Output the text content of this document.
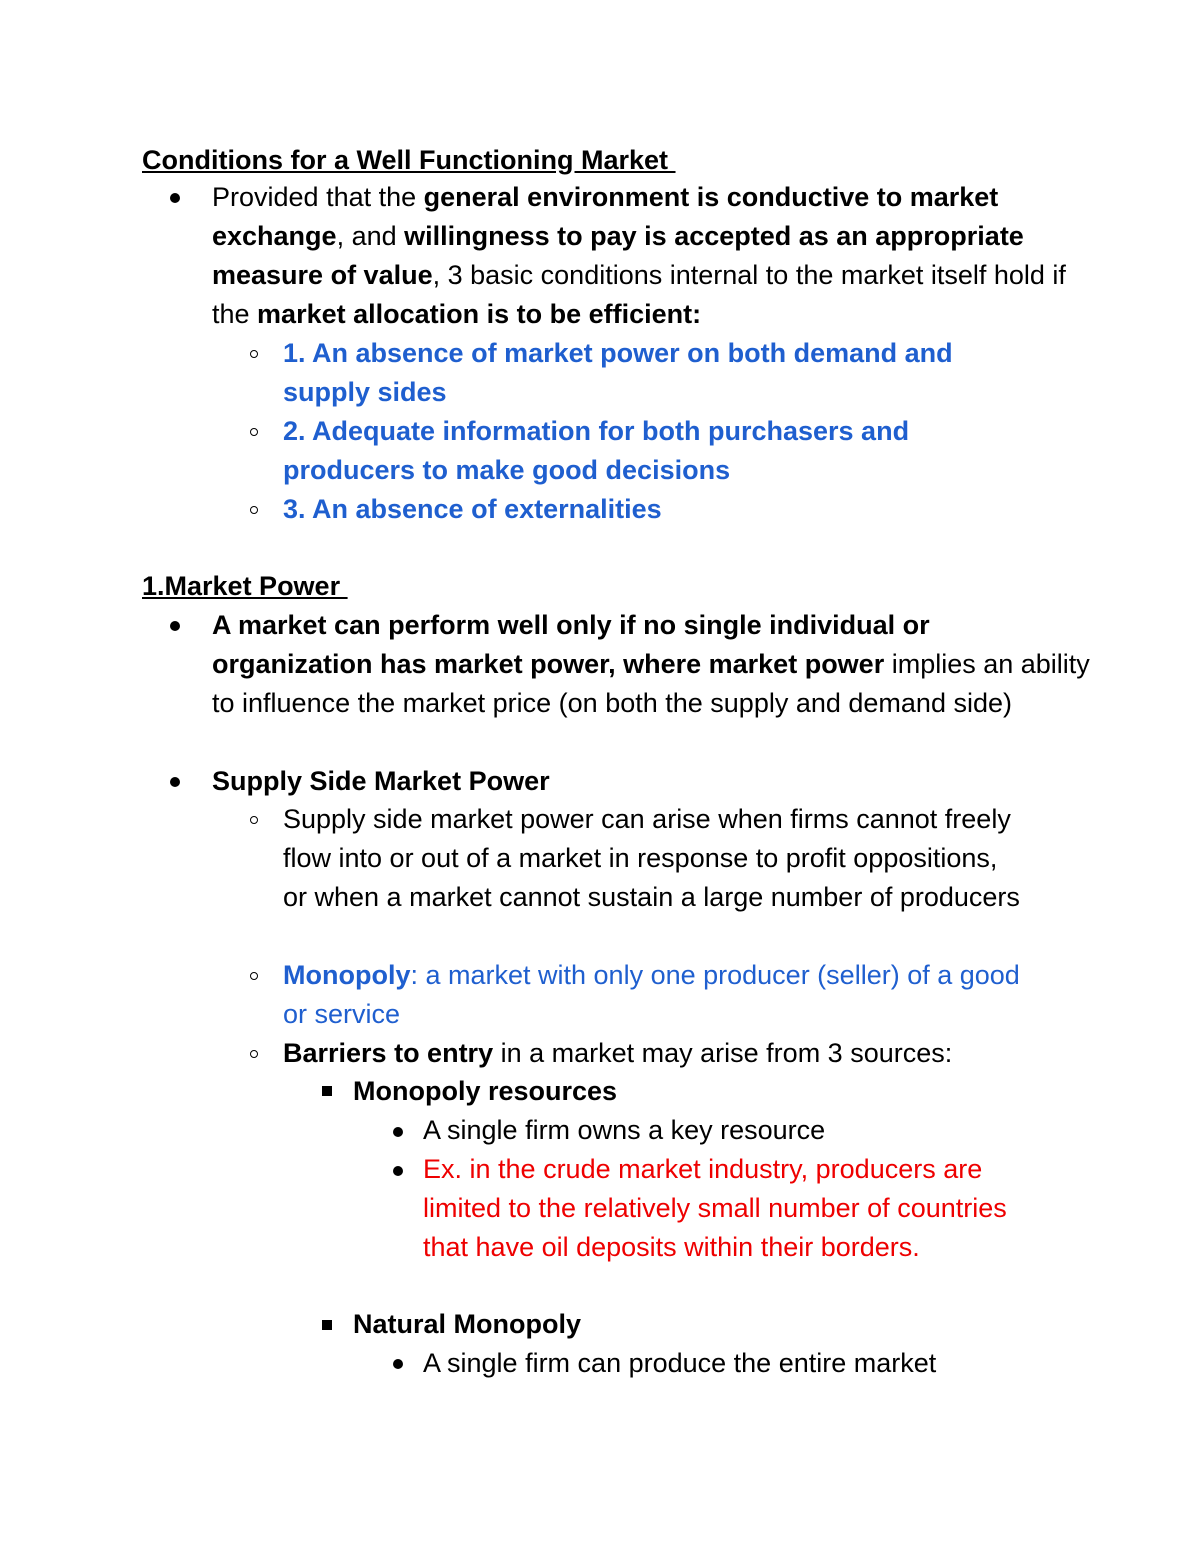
Conditions for a Well Functioning Market
Provided that the general environment is conductive to market exchange, and willingness to pay is accepted as an appropriate measure of value, 3 basic conditions internal to the market itself hold if the market allocation is to be efficient:
1. An absence of market power on both demand and supply sides
2. Adequate information for both purchasers and producers to make good decisions
3. An absence of externalities
1.Market Power
A market can perform well only if no single individual or organization has market power, where market power implies an ability to influence the market price (on both the supply and demand side)
Supply Side Market Power
Supply side market power can arise when firms cannot freely flow into or out of a market in response to profit oppositions, or when a market cannot sustain a large number of producers
Monopoly: a market with only one producer (seller) of a good or service
Barriers to entry in a market may arise from 3 sources:
Monopoly resources
A single firm owns a key resource
Ex. in the crude market industry, producers are limited to the relatively small number of countries that have oil deposits within their borders.
Natural Monopoly
A single firm can produce the entire market
